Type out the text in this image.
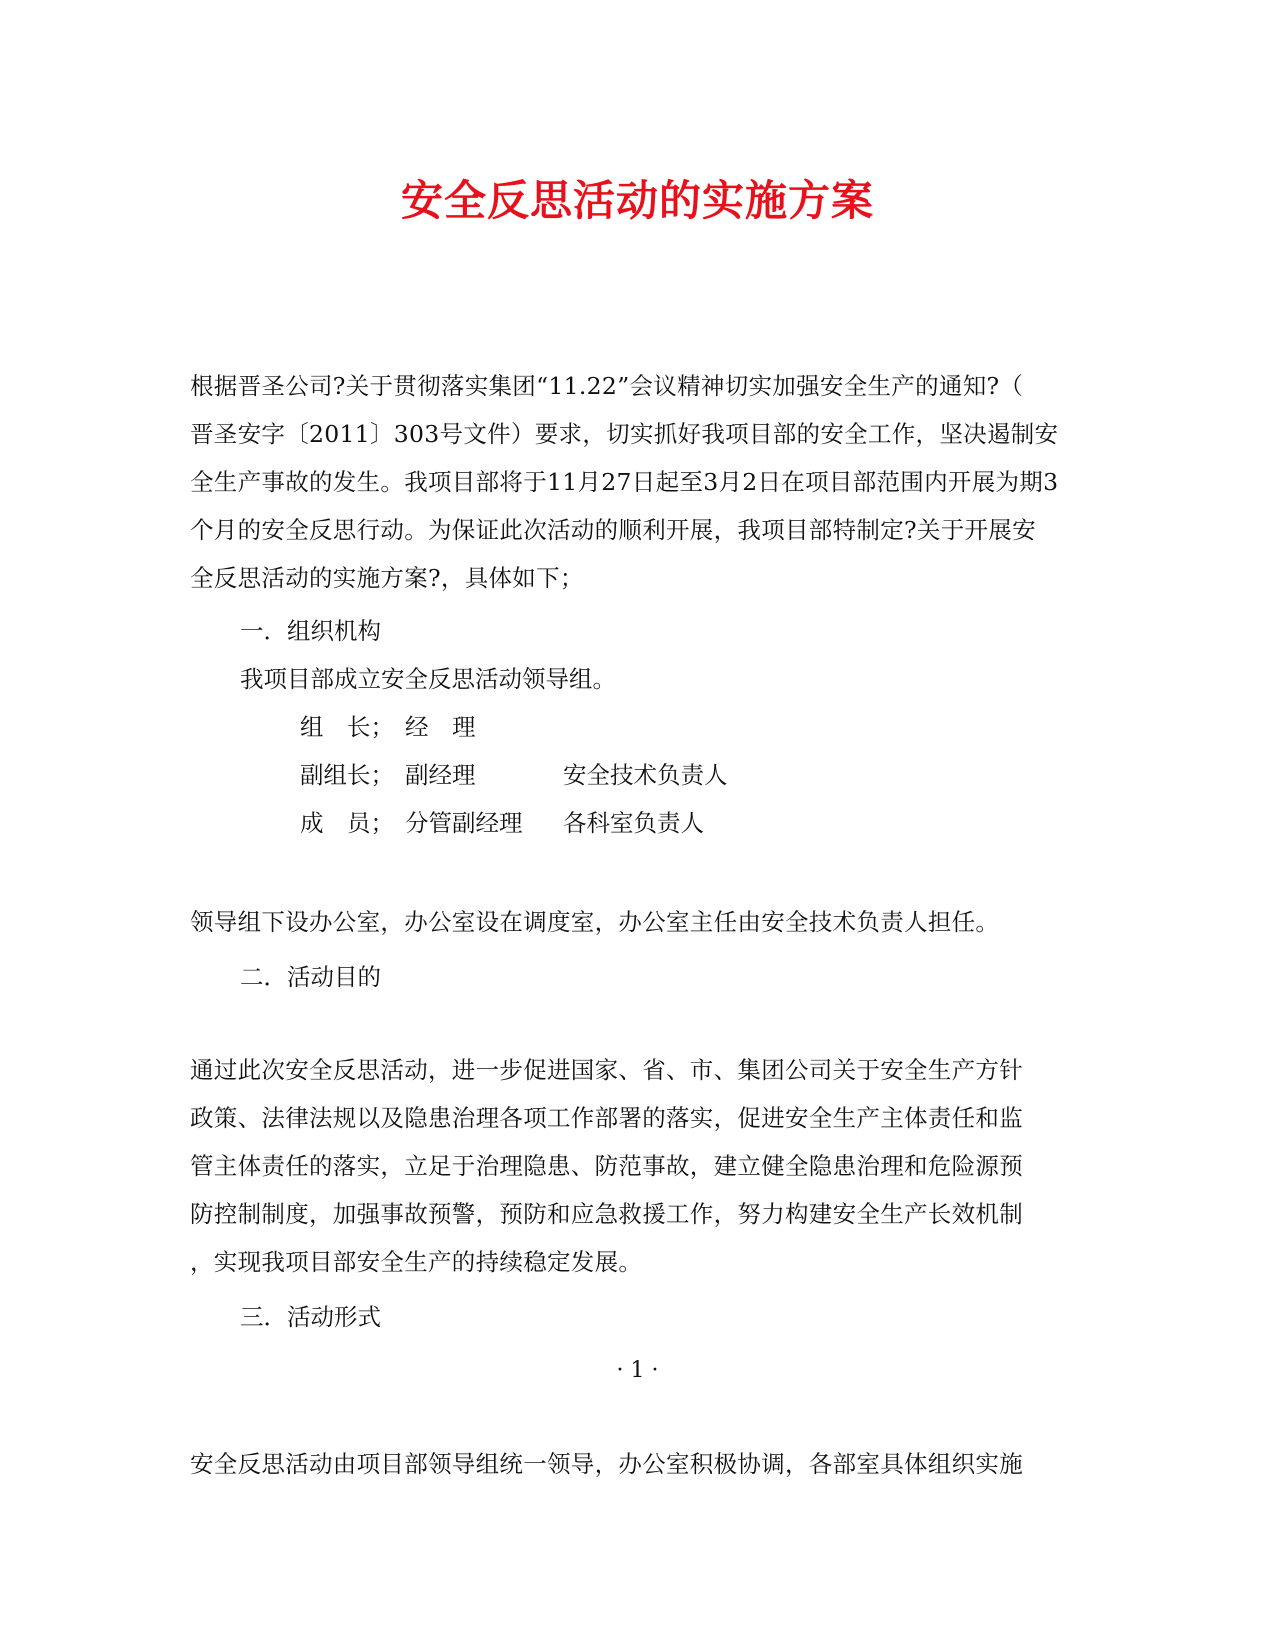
安全反思活动的实施方案

根据晋圣公司?关于贯彻落实集团“11.22”会议精神切实加强安全生产的通知?（

晋圣安字〔2011〕303号文件）要求，切实抓好我项目部的安全工作，坚决遏制安

全生产事故的发生。我项目部将于11月27日起至3月2日在项目部范围内开展为期3

个月的安全反思行动。为保证此次活动的顺利开展，我项目部特制定?关于开展安

全反思活动的实施方案?，具体如下；

一．组织机构

我项目部成立安全反思活动领导组。

组　长； 经　理
副组长； 副经理	安全技术负责人
成　员； 分管副经理 各科室负责人

领导组下设办公室，办公室设在调度室，办公室主任由安全技术负责人担任。

二．活动目的

通过此次安全反思活动，进一步促进国家、省、市、集团公司关于安全生产方针

政策、法律法规以及隐患治理各项工作部署的落实，促进安全生产主体责任和监

管主体责任的落实，立足于治理隐患、防范事故，建立健全隐患治理和危险源预

防控制制度，加强事故预警，预防和应急救援工作，努力构建安全生产长效机制

，实现我项目部安全生产的持续稳定发展。

三．活动形式

· 1 ·

安全反思活动由项目部领导组统一领导，办公室积极协调，各部室具体组织实施
